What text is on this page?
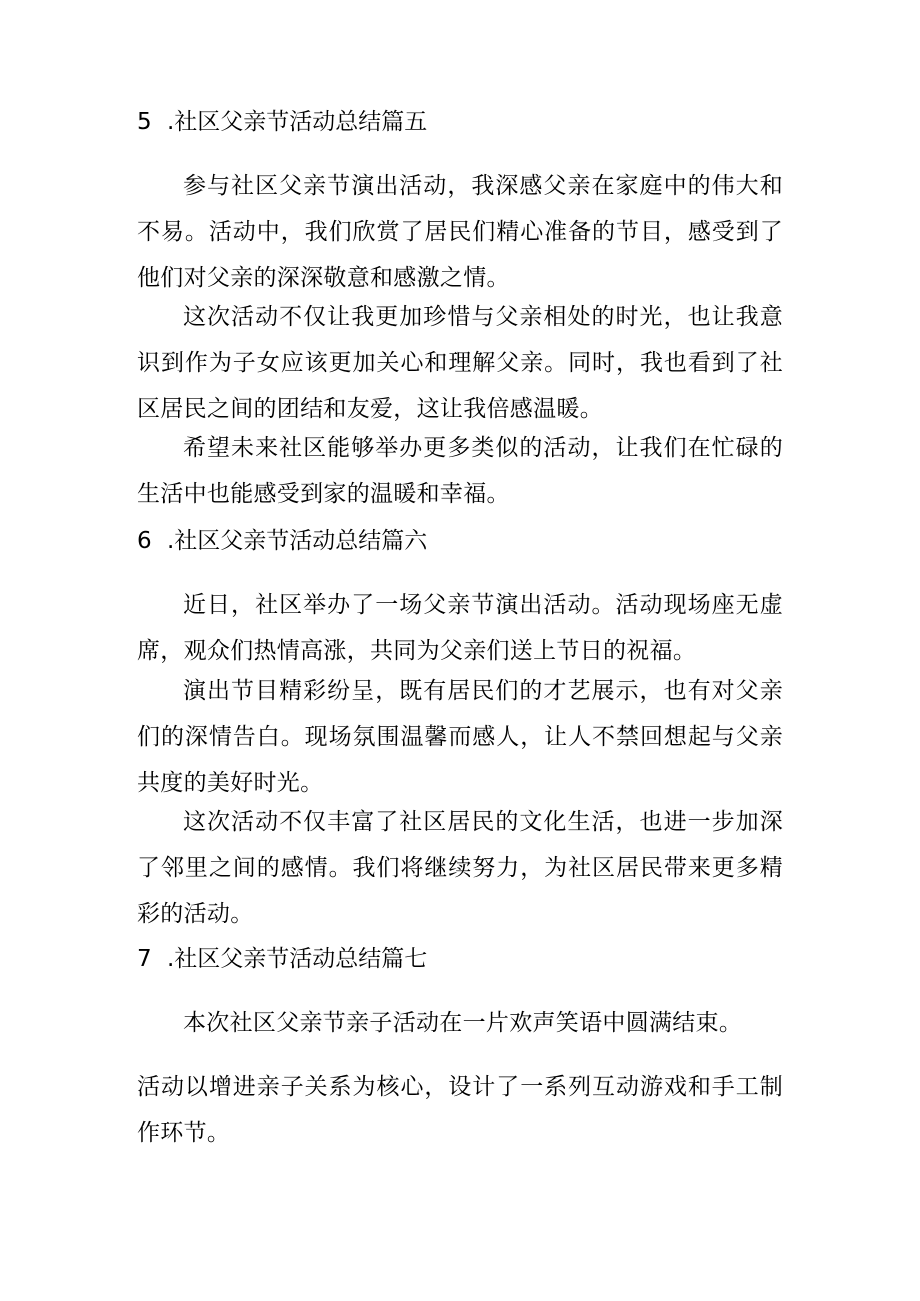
5 .社区父亲节活动总结篇五

参与社区父亲节演出活动，我深感父亲在家庭中的伟大和不易。活动中，我们欣赏了居民们精心准备的节目，感受到了他们对父亲的深深敬意和感激之情。

这次活动不仅让我更加珍惜与父亲相处的时光，也让我意识到作为子女应该更加关心和理解父亲。同时，我也看到了社区居民之间的团结和友爱，这让我倍感温暖。

希望未来社区能够举办更多类似的活动，让我们在忙碌的生活中也能感受到家的温暖和幸福。

6 .社区父亲节活动总结篇六

近日，社区举办了一场父亲节演出活动。活动现场座无虚席，观众们热情高涨，共同为父亲们送上节日的祝福。

演出节目精彩纷呈，既有居民们的才艺展示，也有对父亲们的深情告白。现场氛围温馨而感人，让人不禁回想起与父亲共度的美好时光。

这次活动不仅丰富了社区居民的文化生活，也进一步加深了邻里之间的感情。我们将继续努力，为社区居民带来更多精彩的活动。

7 .社区父亲节活动总结篇七

本次社区父亲节亲子活动在一片欢声笑语中圆满结束。

活动以增进亲子关系为核心，设计了一系列互动游戏和手工制作环节。
